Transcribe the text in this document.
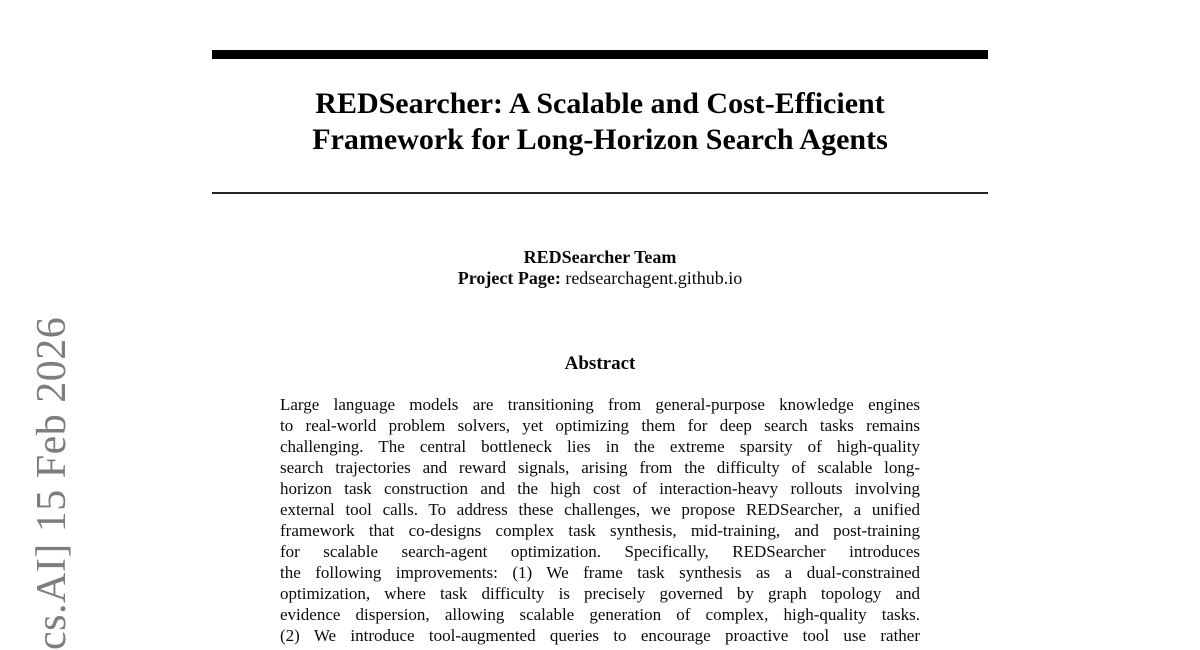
cs.AI] 15 Feb 2026
REDSearcher: A Scalable and Cost-Efficient
Framework for Long-Horizon Search Agents
REDSearcher Team
Project Page: redsearchagent.github.io
Abstract
Large language models are transitioning from general-purpose knowledge engines
to real-world problem solvers, yet optimizing them for deep search tasks remains
challenging. The central bottleneck lies in the extreme sparsity of high-quality
search trajectories and reward signals, arising from the difficulty of scalable long-
horizon task construction and the high cost of interaction-heavy rollouts involving
external tool calls. To address these challenges, we propose REDSearcher, a unified
framework that co-designs complex task synthesis, mid-training, and post-training
for scalable search-agent optimization. Specifically, REDSearcher introduces
the following improvements: (1) We frame task synthesis as a dual-constrained
optimization, where task difficulty is precisely governed by graph topology and
evidence dispersion, allowing scalable generation of complex, high-quality tasks.
(2) We introduce tool-augmented queries to encourage proactive tool use rather
